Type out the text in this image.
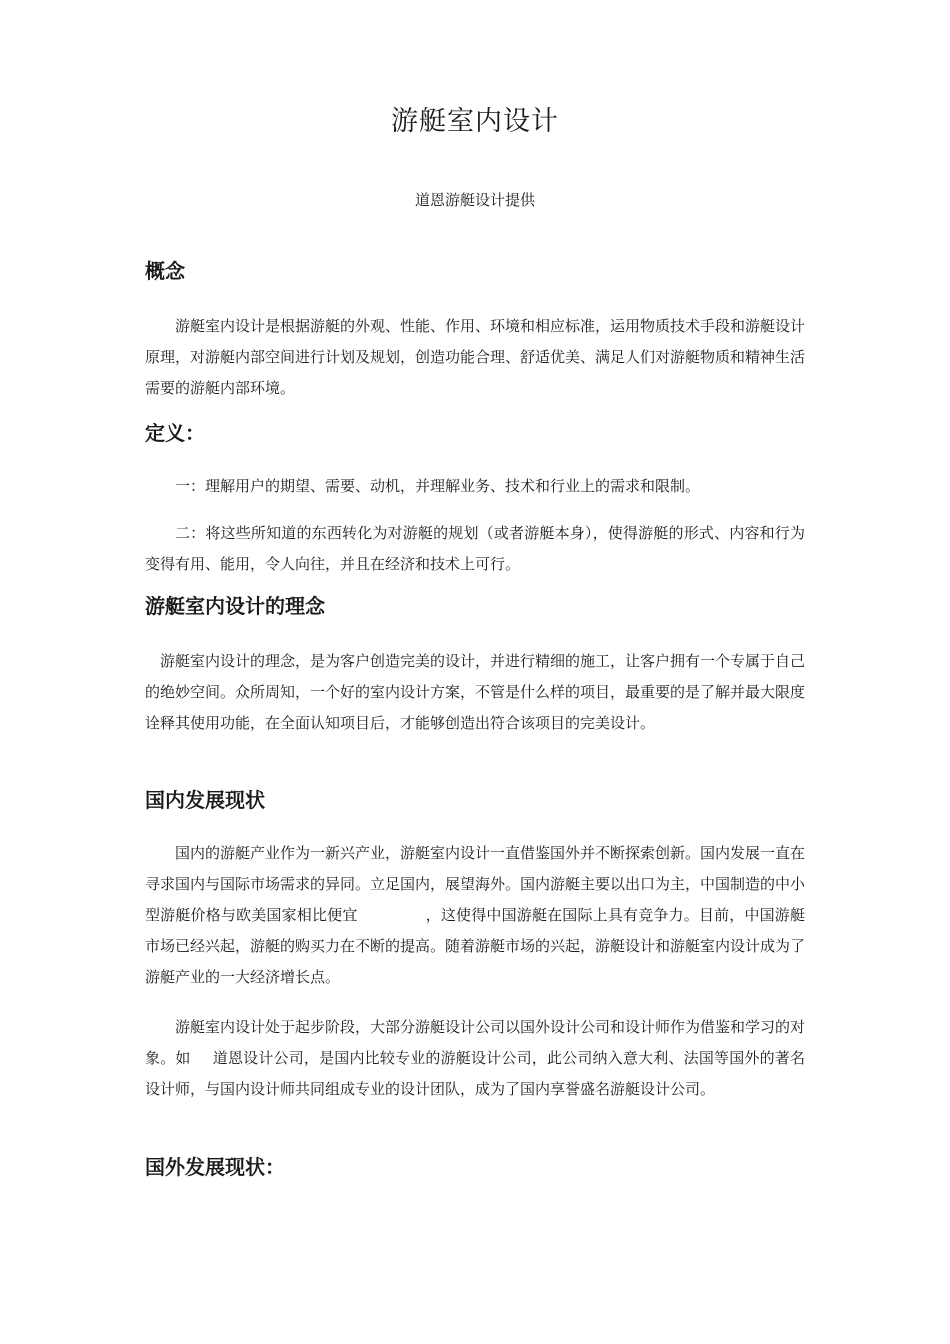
游艇室内设计
道恩游艇设计提供
概念

游艇室内设计是根据游艇的外观、性能、作用、环境和相应标准，运用物质技术手段和游艇设计原理，对游艇内部空间进行计划及规划，创造功能合理、舒适优美、满足人们对游艇物质和精神生活需要的游艇内部环境。

定义：

一：理解用户的期望、需要、动机，并理解业务、技术和行业上的需求和限制。

二：将这些所知道的东西转化为对游艇的规划（或者游艇本身），使得游艇的形式、内容和行为变得有用、能用，令人向往，并且在经济和技术上可行。

游艇室内设计的理念

游艇室内设计的理念，是为客户创造完美的设计，并进行精细的施工，让客户拥有一个专属于自己的绝妙空间。众所周知，一个好的室内设计方案，不管是什么样的项目，最重要的是了解并最大限度诠释其使用功能，在全面认知项目后，才能够创造出符合该项目的完美设计。

国内发展现状

国内的游艇产业作为一新兴产业，游艇室内设计一直借鉴国外并不断探索创新。国内发展一直在寻求国内与国际市场需求的异同。立足国内，展望海外。国内游艇主要以出口为主，中国制造的中小型游艇价格与欧美国家相比便宜	，这使得中国游艇在国际上具有竞争力。目前，中国游艇市场已经兴起，游艇的购买力在不断的提高。随着游艇市场的兴起，游艇设计和游艇室内设计成为了游艇产业的一大经济增长点。

游艇室内设计处于起步阶段，大部分游艇设计公司以国外设计公司和设计师作为借鉴和学习的对象。如 道恩设计公司，是国内比较专业的游艇设计公司，此公司纳入意大利、法国等国外的著名设计师，与国内设计师共同组成专业的设计团队，成为了国内享誉盛名游艇设计公司。

国外发展现状：
